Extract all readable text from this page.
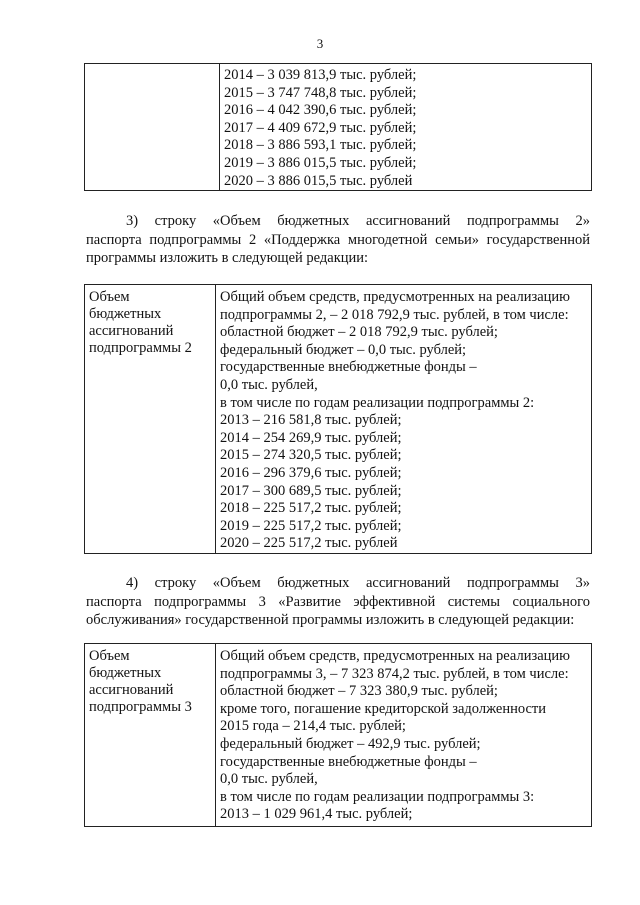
3
2014 – 3 039 813,9 тыс. рублей;
2015 – 3 747 748,8 тыс. рублей;
2016 – 4 042 390,6 тыс. рублей;
2017 – 4 409 672,9 тыс. рублей;
2018 – 3 886 593,1 тыс. рублей;
2019 – 3 886 015,5 тыс. рублей;
2020 – 3 886 015,5 тыс. рублей
3) строку «Объем бюджетных ассигнований подпрограммы 2»
паспорта подпрограммы 2 «Поддержка многодетной семьи» государственной
программы изложить в следующей редакции:
Объем
бюджетных
ассигнований
подпрограммы 2
Общий объем средств, предусмотренных на реализацию
подпрограммы 2, – 2 018 792,9 тыс. рублей, в том числе:
областной бюджет – 2 018 792,9 тыс. рублей;
федеральный бюджет – 0,0 тыс. рублей;
государственные внебюджетные фонды –
0,0 тыс. рублей,
в том числе по годам реализации подпрограммы 2:
2013 – 216 581,8 тыс. рублей;
2014 – 254 269,9 тыс. рублей;
2015 – 274 320,5 тыс. рублей;
2016 – 296 379,6 тыс. рублей;
2017 – 300 689,5 тыс. рублей;
2018 – 225 517,2 тыс. рублей;
2019 – 225 517,2 тыс. рублей;
2020 – 225 517,2 тыс. рублей
4) строку «Объем бюджетных ассигнований подпрограммы 3»
паспорта подпрограммы 3 «Развитие эффективной системы социального
обслуживания» государственной программы изложить в следующей редакции:
Объем
бюджетных
ассигнований
подпрограммы 3
Общий объем средств, предусмотренных на реализацию
подпрограммы 3, – 7 323 874,2 тыс. рублей, в том числе:
областной бюджет – 7 323 380,9 тыс. рублей;
кроме того, погашение кредиторской задолженности
2015 года – 214,4 тыс. рублей;
федеральный бюджет – 492,9 тыс. рублей;
государственные внебюджетные фонды –
0,0 тыс. рублей,
в том числе по годам реализации подпрограммы 3:
2013 – 1 029 961,4 тыс. рублей;
